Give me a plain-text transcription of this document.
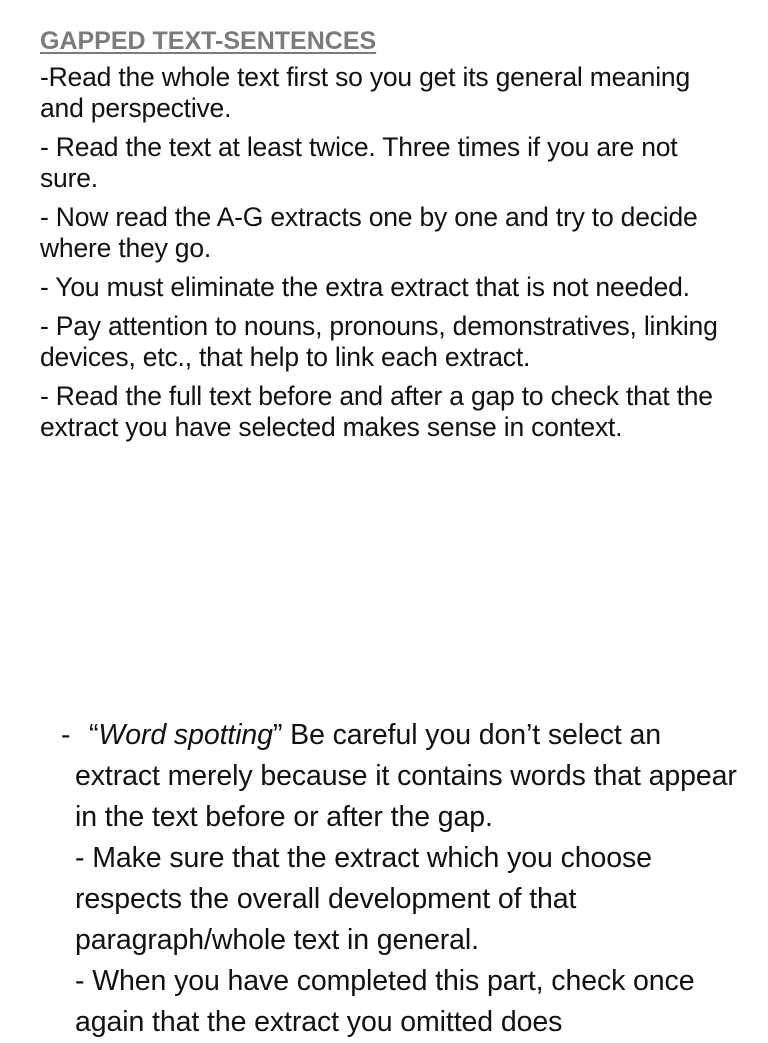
GAPPED TEXT-SENTENCES
-Read the whole text first so you get its general meaning and perspective.
- Read the text at least twice. Three times if you are not sure.
- Now read the A-G extracts one by one and try to decide where they go.
- You must eliminate the extra extract that is not needed.
- Pay attention to nouns, pronouns, demonstratives, linking devices, etc., that help to link each extract.
- Read the full text before and after a gap to check that the extract you have selected makes sense in context.

- “Word spotting” Be careful you don’t select an extract merely because it contains words that appear in the text before or after the gap.

- Make sure that the extract which you choose respects the overall development of that paragraph/whole text in general.

- When you have completed this part, check once again that the extract you omitted does
